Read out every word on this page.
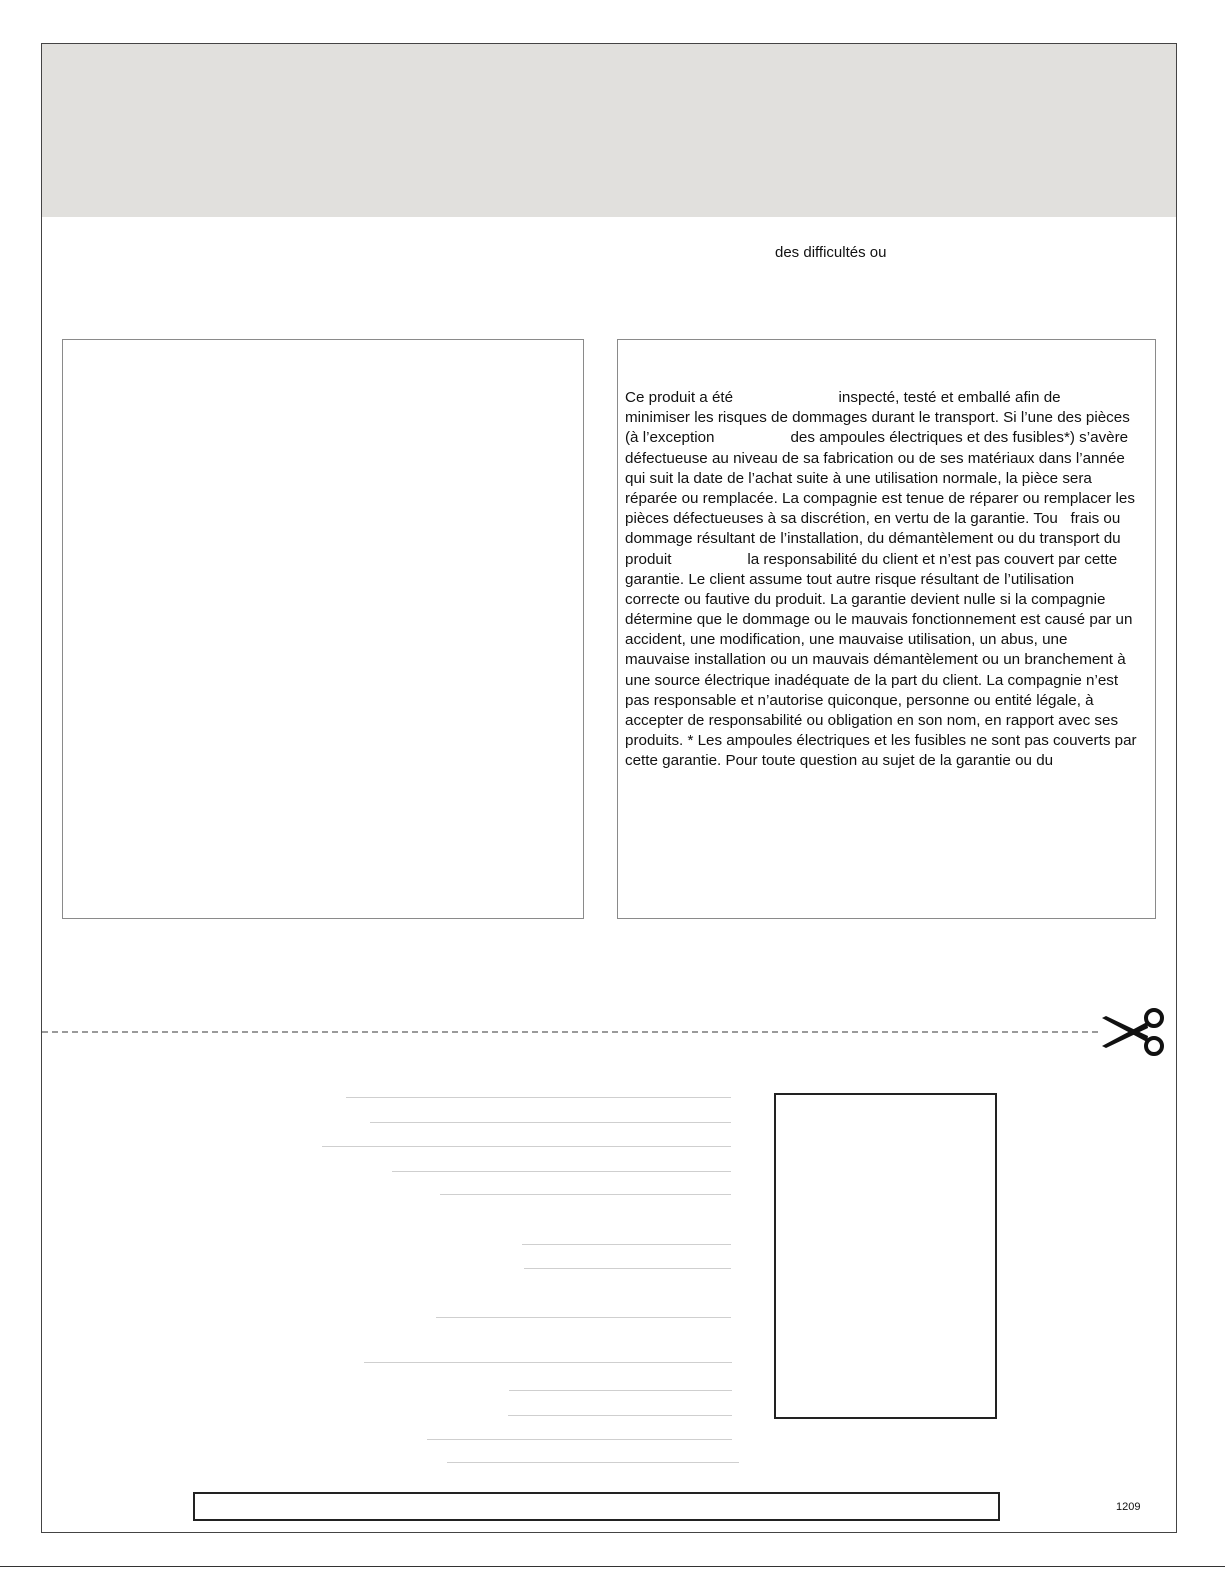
des difficultés ou
Ce produit a été                         inspecté, testé et emballé afin de
minimiser les risques de dommages durant le transport. Si l’une des pièces
(à l’exception                  des ampoules électriques et des fusibles*) s’avère
défectueuse au niveau de sa fabrication ou de ses matériaux dans l’année
qui suit la date de l’achat suite à une utilisation normale, la pièce sera
réparée ou remplacée. La compagnie est tenue de réparer ou remplacer les
pièces défectueuses à sa discrétion, en vertu de la garantie. Tou   frais ou
dommage résultant de l’installation, du démantèlement ou du transport du
produit                  la responsabilité du client et n’est pas couvert par cette
garantie. Le client assume tout autre risque résultant de l’utilisation
correcte ou fautive du produit. La garantie devient nulle si la compagnie
détermine que le dommage ou le mauvais fonctionnement est causé par un
accident, une modification, une mauvaise utilisation, un abus, une
mauvaise installation ou un mauvais démantèlement ou un branchement à
une source électrique inadéquate de la part du client. La compagnie n’est
pas responsable et n’autorise quiconque, personne ou entité légale, à
accepter de responsabilité ou obligation en son nom, en rapport avec ses
produits. * Les ampoules électriques et les fusibles ne sont pas couverts par
cette garantie. Pour toute question au sujet de la garantie ou du
1209
